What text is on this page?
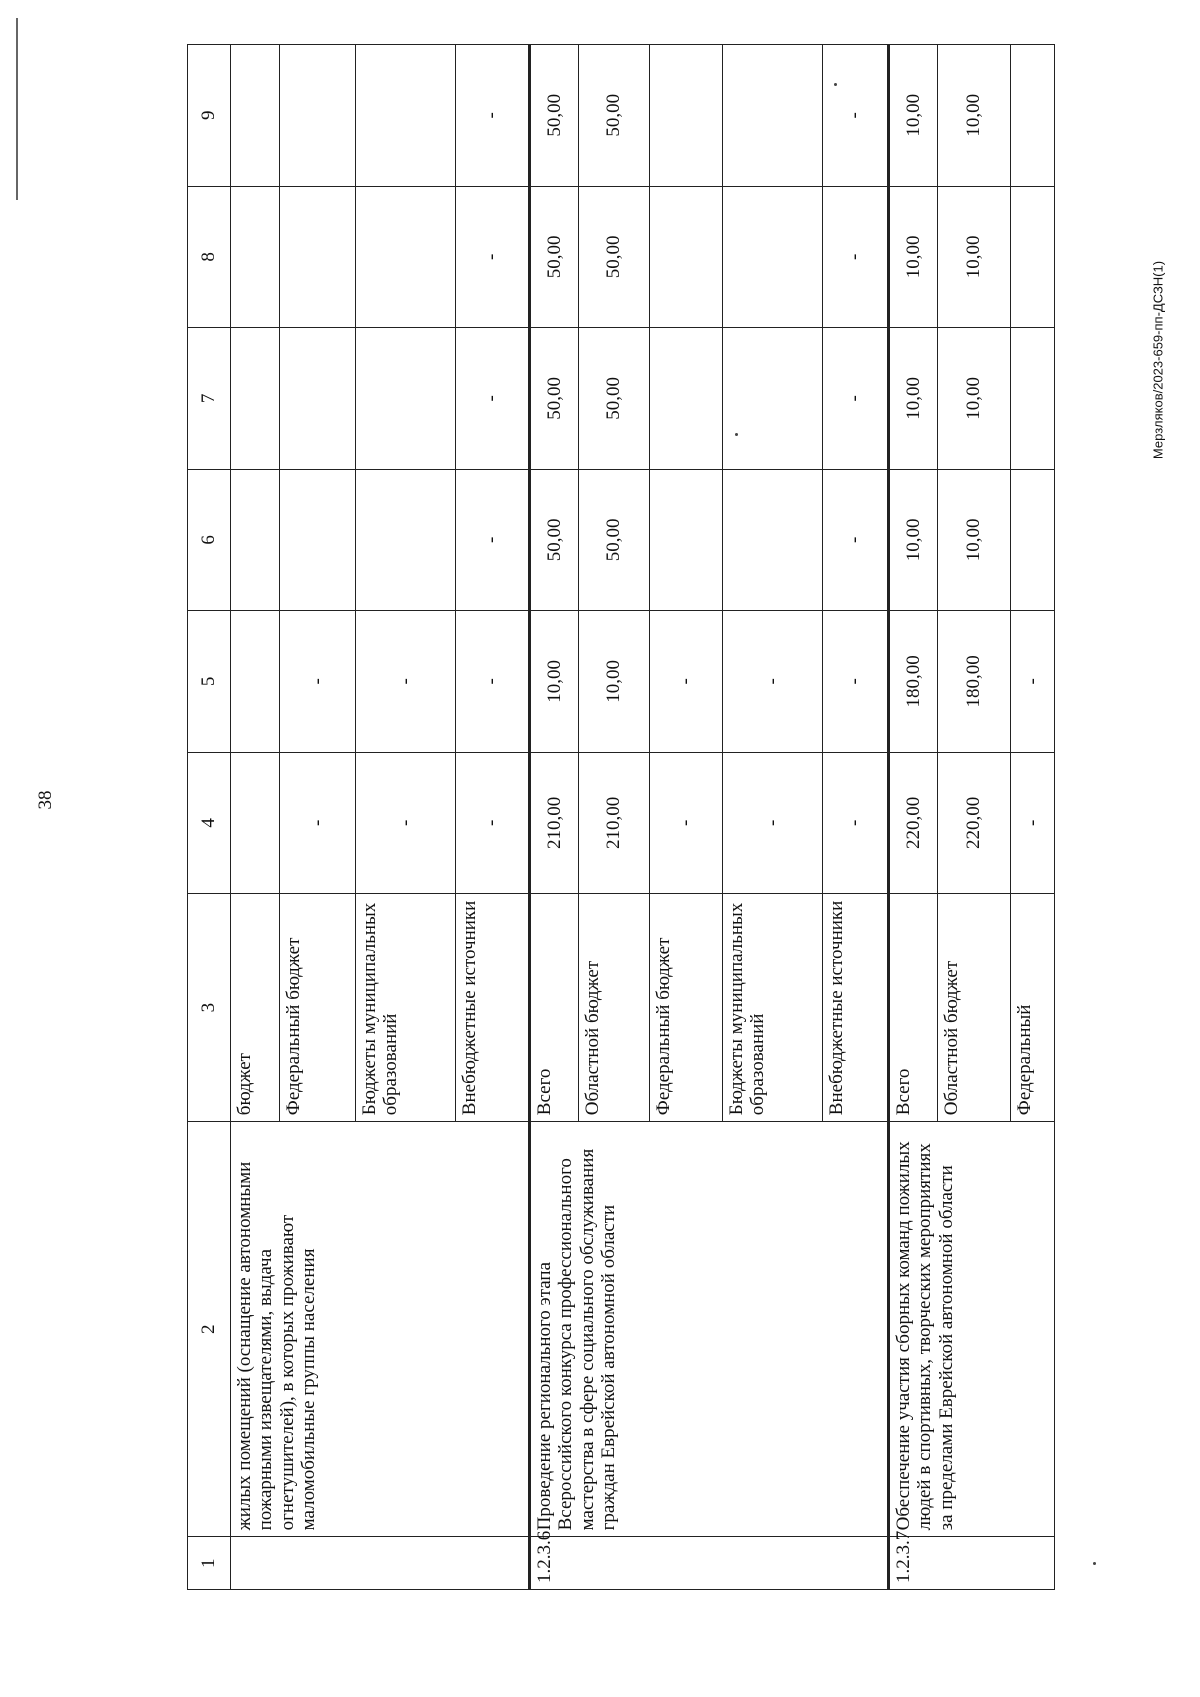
38
Мерзляков/2023-659-пп-ДСЗН(1)
1	2	3	4	5	6	7	8	9
	жилых помещений (оснащение автономными пожарными извещателями, выдача огнетушителей), в которых проживают маломобильные группы населения	бюджет						
		Федеральный бюджет	-	-				
		Бюджеты муниципальных образований	-	-				
		Внебюджетные источники	-	-	-	-	-	-
1.2.3.6	Проведение регионального этапа Всероссийского конкурса профессионального мастерства в сфере социального обслуживания граждан Еврейской автономной области	Всего	210,00	10,00	50,00	50,00	50,00	50,00
		Областной бюджет	210,00	10,00	50,00	50,00	50,00	50,00
		Федеральный бюджет	-	-				
		Бюджеты муниципальных образований	-	-				
		Внебюджетные источники	-	-	-	-	-	-
1.2.3.7	Обеспечение участия сборных команд пожилых людей в спортивных, творческих мероприятиях за пределами Еврейской автономной области	Всего	220,00	180,00	10,00	10,00	10,00	10,00
		Областной бюджет	220,00	180,00	10,00	10,00	10,00	10,00
		Федеральный	-	-				
